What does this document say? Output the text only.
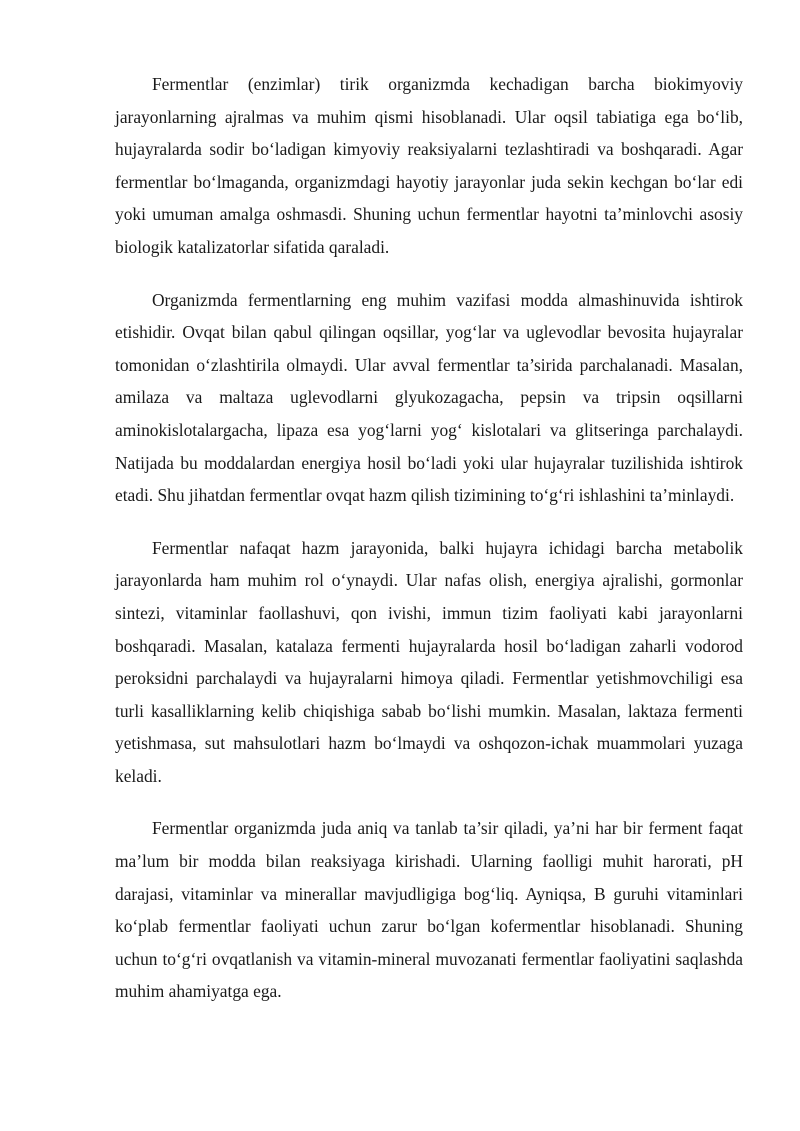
Fermentlar (enzimlar) tirik organizmda kechadigan barcha biokimyoviy jarayonlarning ajralmas va muhim qismi hisoblanadi. Ular oqsil tabiatiga ega bo‘lib, hujayralarda sodir bo‘ladigan kimyoviy reaksiyalarni tezlashtiradi va boshqaradi. Agar fermentlar bo‘lmaganda, organizmdagi hayotiy jarayonlar juda sekin kechgan bo‘lar edi yoki umuman amalga oshmasdi. Shuning uchun fermentlar hayotni ta’minlovchi asosiy biologik katalizatorlar sifatida qaraladi.

Organizmda fermentlarning eng muhim vazifasi modda almashinuvida ishtirok etishidir. Ovqat bilan qabul qilingan oqsillar, yog‘lar va uglevodlar bevosita hujayralar tomonidan o‘zlashtirila olmaydi. Ular avval fermentlar ta’sirida parchalanadi. Masalan, amilaza va maltaza uglevodlarni glyukozagacha, pepsin va tripsin oqsillarni aminokislotalargacha, lipaza esa yog‘larni yog‘ kislotalari va glitseringa parchalaydi. Natijada bu moddalardan energiya hosil bo‘ladi yoki ular hujayralar tuzilishida ishtirok etadi. Shu jihatdan fermentlar ovqat hazm qilish tizimining to‘g‘ri ishlashini ta’minlaydi.

Fermentlar nafaqat hazm jarayonida, balki hujayra ichidagi barcha metabolik jarayonlarda ham muhim rol o‘ynaydi. Ular nafas olish, energiya ajralishi, gormonlar sintezi, vitaminlar faollashuvi, qon ivishi, immun tizim faoliyati kabi jarayonlarni boshqaradi. Masalan, katalaza fermenti hujayralarda hosil bo‘ladigan zaharli vodorod peroksidni parchalaydi va hujayralarni himoya qiladi. Fermentlar yetishmovchiligi esa turli kasalliklarning kelib chiqishiga sabab bo‘lishi mumkin. Masalan, laktaza fermenti yetishmasa, sut mahsulotlari hazm bo‘lmaydi va oshqozon-ichak muammolari yuzaga keladi.

Fermentlar organizmda juda aniq va tanlab ta’sir qiladi, ya’ni har bir ferment faqat ma’lum bir modda bilan reaksiyaga kirishadi. Ularning faolligi muhit harorati, pH darajasi, vitaminlar va minerallar mavjudligiga bog‘liq. Ayniqsa, B guruhi vitaminlari ko‘plab fermentlar faoliyati uchun zarur bo‘lgan kofermentlar hisoblanadi. Shuning uchun to‘g‘ri ovqatlanish va vitamin-mineral muvozanati fermentlar faoliyatini saqlashda muhim ahamiyatga ega.
